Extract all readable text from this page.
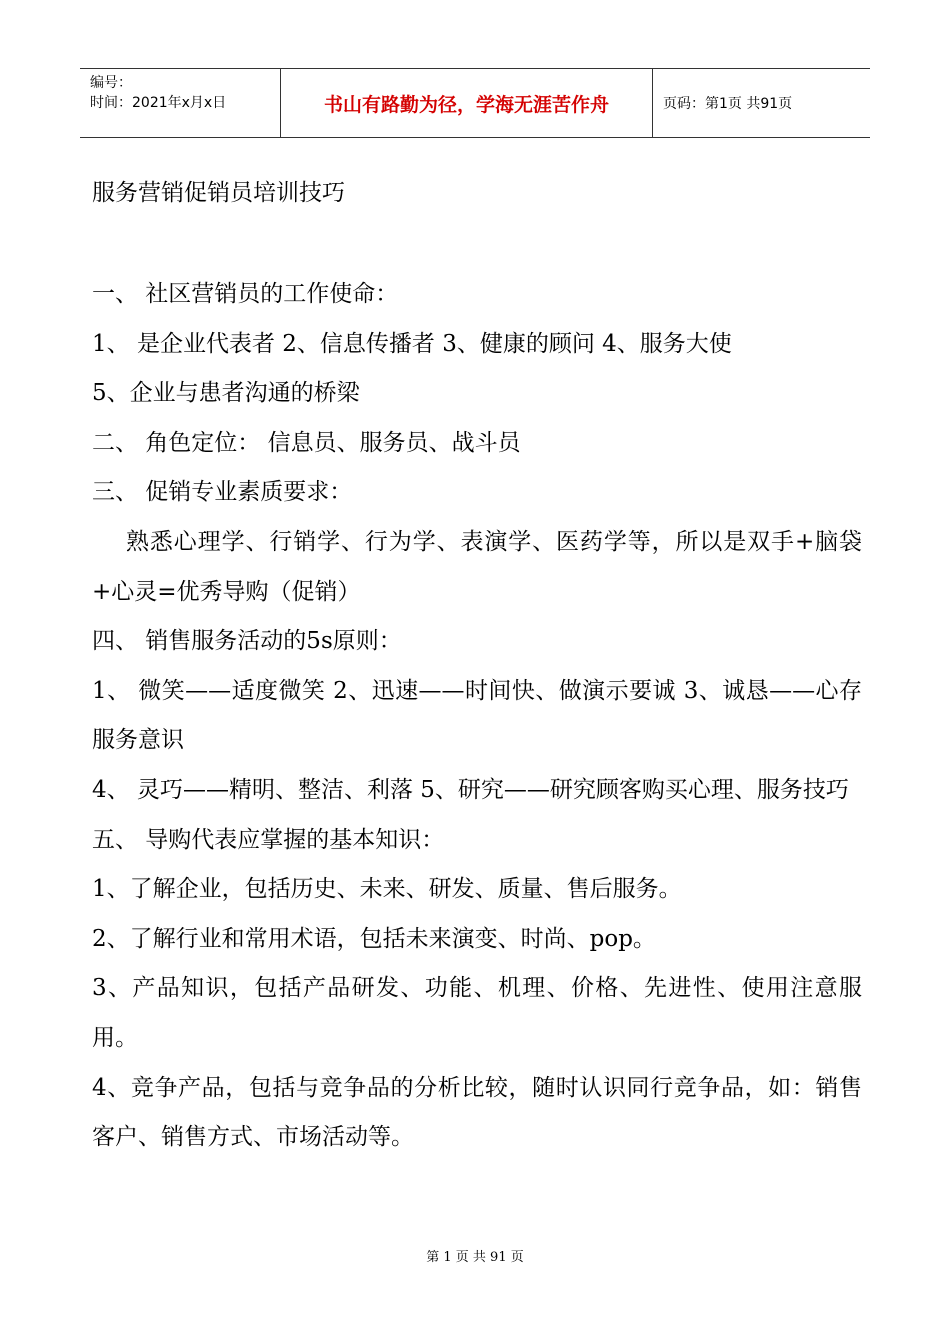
编号：
时间：2021年x月x日	书山有路勤为径，学海无涯苦作舟	页码：第1页 共91页
服务营销促销员培训技巧

一、 社区营销员的工作使命：

1、 是企业代表者 2、信息传播者 3、健康的顾问 4、服务大使

5、企业与患者沟通的桥梁

二、 角色定位： 信息员、服务员、战斗员

三、 促销专业素质要求：

熟悉心理学、行销学、行为学、表演学、医药学等，所以是双手+脑袋+心灵=优秀导购（促销）

四、 销售服务活动的5s原则：

1、 微笑——适度微笑 2、迅速——时间快、做演示要诚 3、诚恳——心存服务意识

4、 灵巧——精明、整洁、利落 5、研究——研究顾客购买心理、服务技巧

五、 导购代表应掌握的基本知识：

1、了解企业，包括历史、未来、研发、质量、售后服务。

2、了解行业和常用术语，包括未来演变、时尚、pop。

3、产品知识，包括产品研发、功能、机理、价格、先进性、使用注意服用。

4、竞争产品，包括与竞争品的分析比较，随时认识同行竞争品，如：销售客户、销售方式、市场活动等。

第 1 页 共 91 页
